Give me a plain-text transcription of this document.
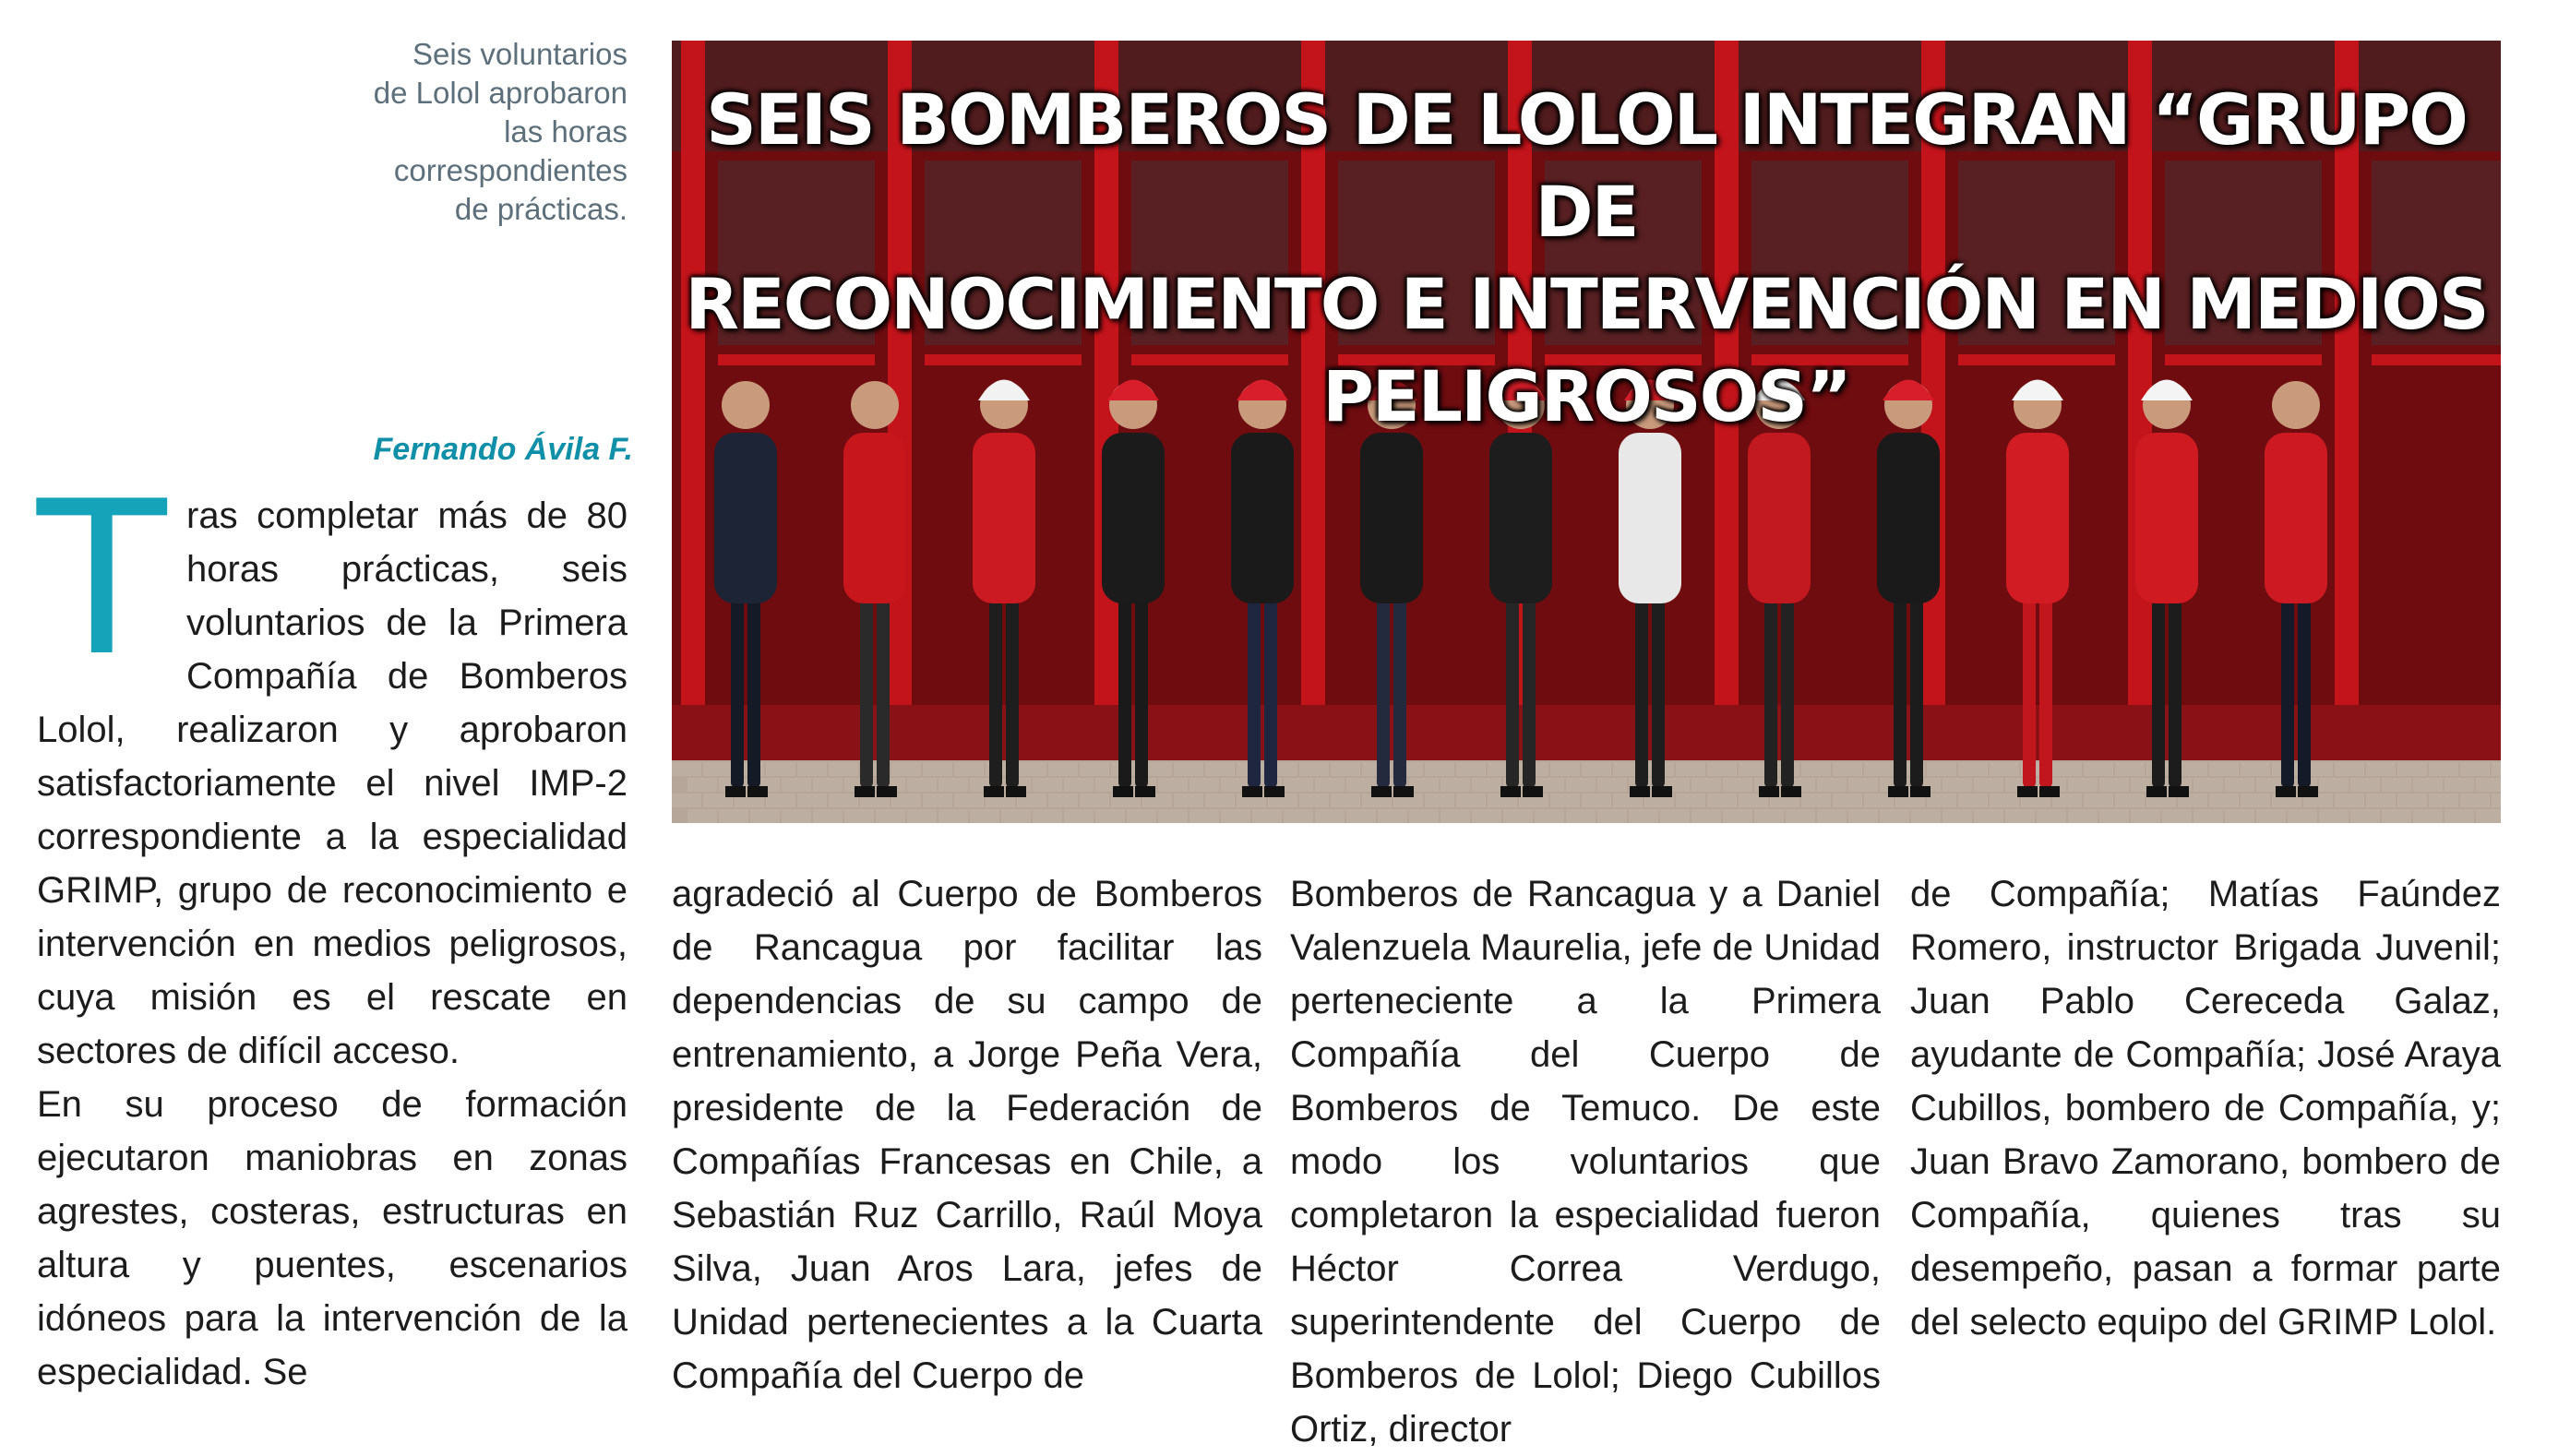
Seis voluntarios
de Lolol aprobaron
las horas
correspondientes
de prácticas.
Fernando Ávila F.
SEIS BOMBEROS DE LOLOL INTEGRAN “GRUPO DE
RECONOCIMIENTO E INTERVENCIÓN EN MEDIOS PELIGROSOS”

Tras completar más de 80 horas prácticas, seis voluntarios de la Primera Compañía de Bomberos Lolol, realizaron y aprobaron satisfactoriamente el nivel IMP-2 correspondiente a la especialidad GRIMP, grupo de reconocimiento e intervención en medios peligrosos, cuya misión es el rescate en sectores de difícil acceso.

En su proceso de formación ejecutaron maniobras en zonas agrestes, costeras, estructuras en altura y puentes, escenarios idóneos para la intervención de la especialidad. Se

agradeció al Cuerpo de Bomberos de Rancagua por facilitar las dependencias de su campo de entrenamiento, a Jorge Peña Vera, presidente de la Federación de Compañías Francesas en Chile, a Sebastián Ruz Carrillo, Raúl Moya Silva, Juan Aros Lara, jefes de Unidad pertenecientes a la Cuarta Compañía del Cuerpo de

Bomberos de Rancagua y a Daniel Valenzuela Maurelia, jefe de Unidad perteneciente a la Primera Compañía del Cuerpo de Bomberos de Temuco. De este modo los voluntarios que completaron la especialidad fueron Héctor Correa Verdugo, superintendente del Cuerpo de Bomberos de Lolol; Diego Cubillos Ortiz, director

de Compañía; Matías Faúndez Romero, instructor Brigada Juvenil; Juan Pablo Cereceda Galaz, ayudante de Compañía; José Araya Cubillos, bombero de Compañía, y; Juan Bravo Zamorano, bombero de Compañía, quienes tras su desempeño, pasan a formar parte del selecto equipo del GRIMP Lolol.
